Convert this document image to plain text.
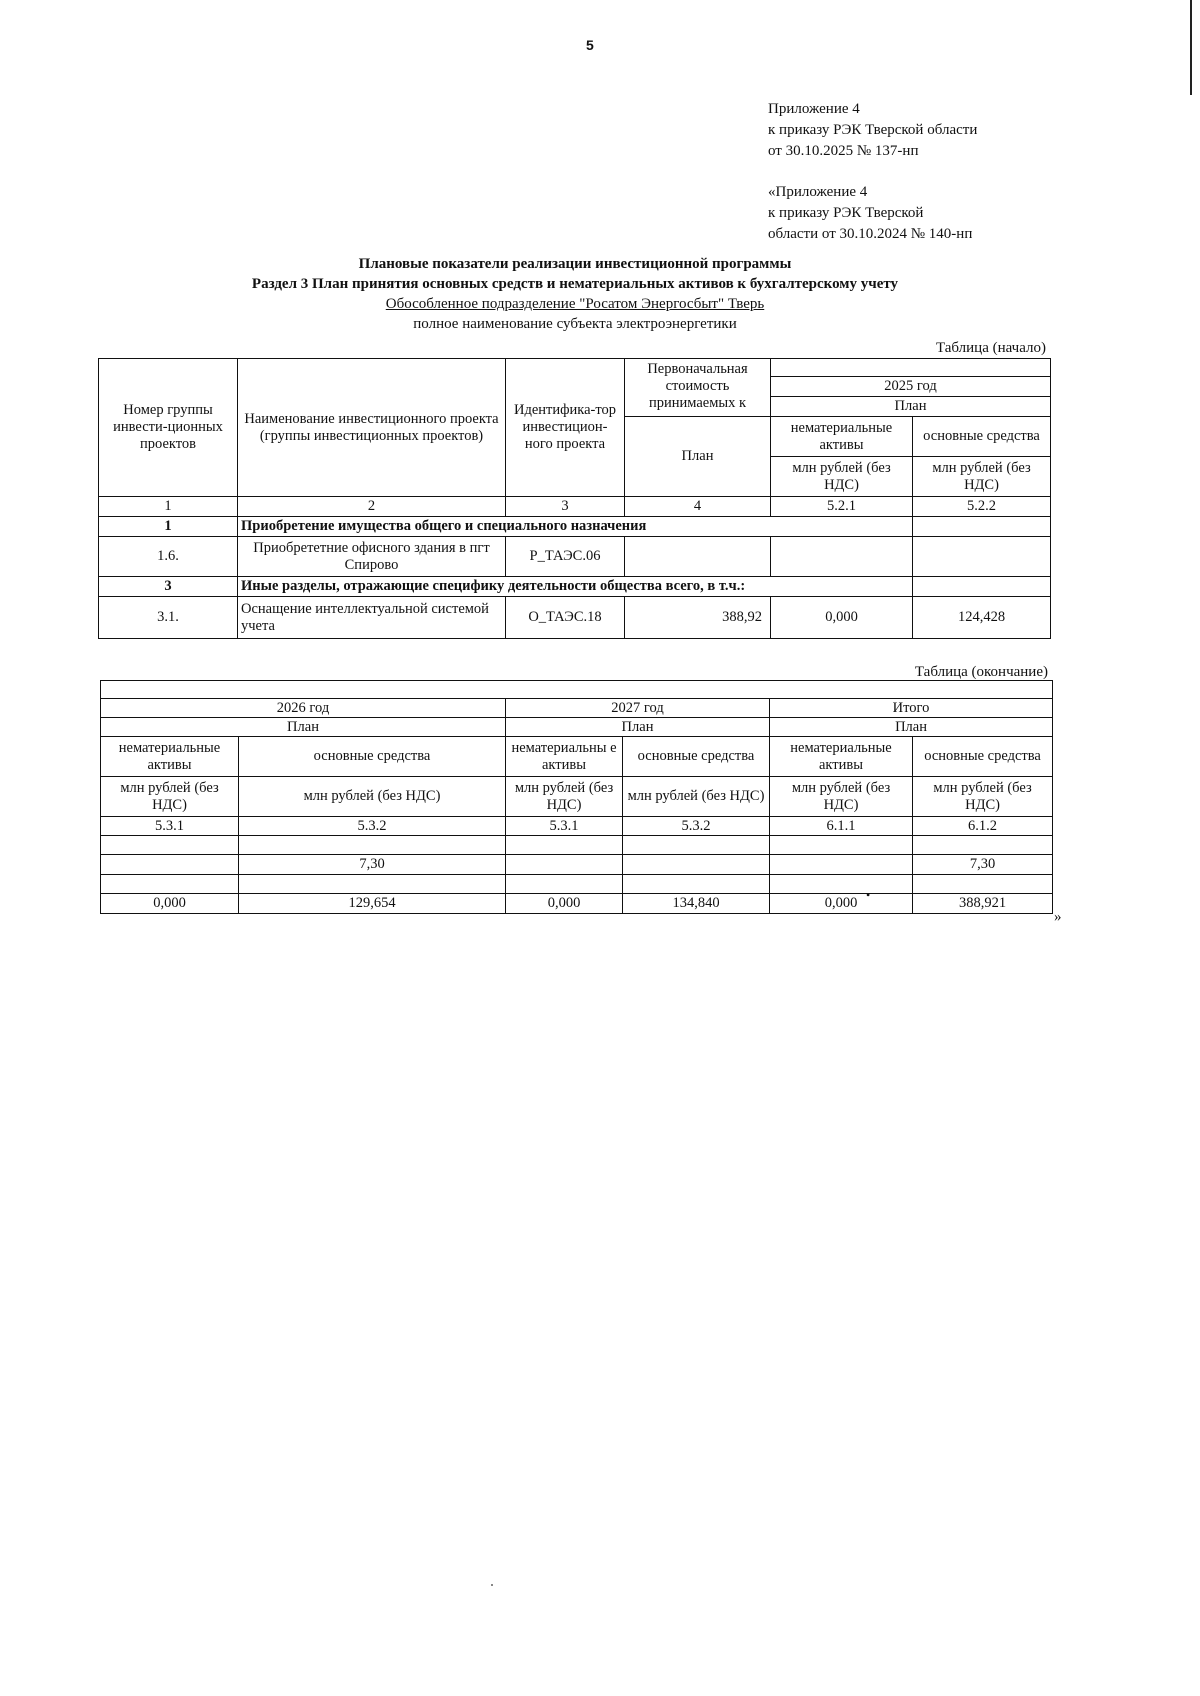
5
Приложение 4
к приказу РЭК Тверской области
от 30.10.2025 № 137-нп
«Приложение 4
к приказу РЭК Тверской
области от 30.10.2024 № 140-нп
Плановые показатели реализации инвестиционной программы
Раздел 3 План принятия основных средств и нематериальных активов к бухгалтерскому учету
Обособленное подразделение "Росатом Энергосбыт" Тверь
полное наименование субъекта электроэнергетики
Таблица (начало)
Номер группы инвести-ционных проектов	Наименование инвестиционного проекта (группы инвестиционных проектов)	Идентифика-тор инвестицион-ного проекта	Первоначальная стоимость принимаемых к		
				2025 год	
				План	
			План	нематериальные активы	основные средства
				млн рублей (без НДС)	млн рублей (без НДС)
1	2	3	4	5.2.1	5.2.2
1	Приобретение имущества общего и специального назначения				
1.6.	Приобрететние офисного здания в пгт Спирово	Р_ТАЭС.06			
3	Иные разделы, отражающие специфику деятельности общества всего, в т.ч.:				
3.1.	Оснащение интеллектуальной системой учета	О_ТАЭС.18	388,92	0,000	124,428
Таблица (окончание)

2026 год		2027 год		Итого	
План		План		План	
нематериальные активы	основные средства	нематериальны е активы	основные средства	нематериальные активы	основные средства
млн рублей (без НДС)	млн рублей (без НДС)	млн рублей (без НДС)	млн рублей (без НДС)	млн рублей (без НДС)	млн рублей (без НДС)
5.3.1	5.3.2	5.3.1	5.3.2	6.1.1	6.1.2

	7,30				7,30

0,000	129,654	0,000	134,840	0,000	388,921
•
»
